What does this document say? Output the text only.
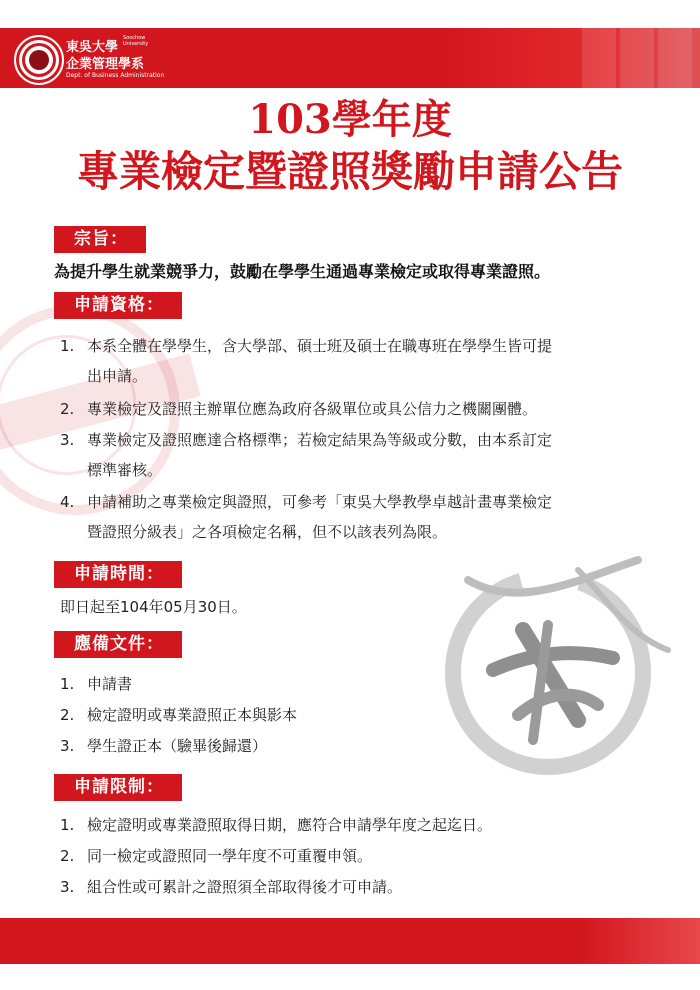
東吳大學
Soochow University
企業管理學系
Dept. of Business Administration
103學年度
專業檢定暨證照獎勵申請公告
宗旨：
為提升學生就業競爭力，鼓勵在學學生通過專業檢定或取得專業證照。
申請資格：
1. 本系全體在學學生，含大學部、碩士班及碩士在職專班在學學生皆可提
出申請。
2. 專業檢定及證照主辦單位應為政府各級單位或具公信力之機關團體。
3. 專業檢定及證照應達合格標準；若檢定結果為等級或分數，由本系訂定
標準審核。
4. 申請補助之專業檢定與證照，可參考「東吳大學教學卓越計畫專業檢定
暨證照分級表」之各項檢定名稱，但不以該表列為限。
申請時間：
即日起至104年05月30日。
應備文件：
1. 申請書
2. 檢定證明或專業證照正本與影本
3. 學生證正本（驗畢後歸還）
申請限制：
1. 檢定證明或專業證照取得日期，應符合申請學年度之起迄日。
2. 同一檢定或證照同一學年度不可重覆申領。
3. 組合性或可累計之證照須全部取得後才可申請。
